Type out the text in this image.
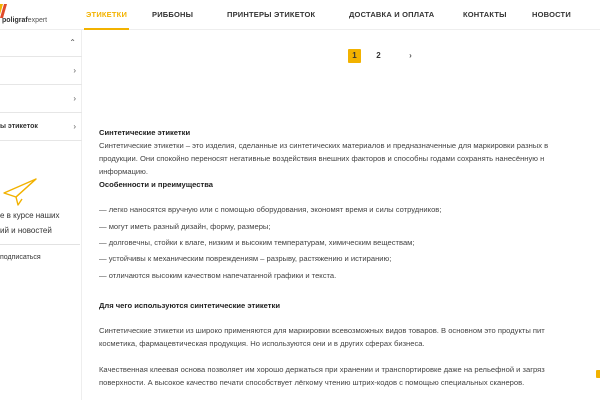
poligrafexpert
ЭТИКЕТКИ	РИББОНЫ	ПРИНТЕРЫ ЭТИКЕТОК	ДОСТАВКА И ОПЛАТА	КОНТАКТЫ	НОВОСТИ
⌃
›
›
ы этикеток	›
е в курсе наших
ий и новостей
подписаться
1	2	›
Синтетические этикетки
Синтетические этикетки – это изделия, сделанные из синтетических материалов и предназначенные для маркировки разных в
продукции. Они спокойно переносят негативные воздействия внешних факторов и способны годами сохранять нанесённую н
информацию.
Особенности и преимущества
— легко наносятся вручную или с помощью оборудования, экономят время и силы сотрудников;
— могут иметь разный дизайн, форму, размеры;
— долговечны, стойки к влаге, низким и высоким температурам, химическим веществам;
— устойчивы к механическим повреждениям – разрыву, растяжению и истиранию;
— отличаются высоким качеством напечатанной графики и текста.
Для чего используются синтетические этикетки
Синтетические этикетки из широко применяются для маркировки всевозможных видов товаров. В основном это продукты пит
косметика, фармацевтическая продукция. Но используются они и в других сферах бизнеса.
Качественная клеевая основа позволяет им хорошо держаться при хранении и транспортировке даже на рельефной и загряз
поверхности. А высокое качество печати способствует лёгкому чтению штрих-кодов с помощью специальных сканеров.
